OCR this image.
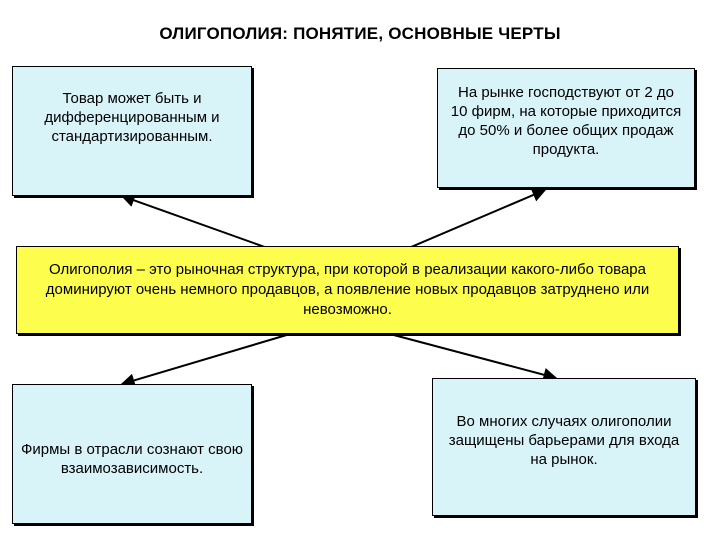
ОЛИГОПОЛИЯ: ПОНЯТИЕ, ОСНОВНЫЕ ЧЕРТЫ
Товар может быть и дифференцированным и стандартизированным.
На рынке господствуют от 2 до 10 фирм, на которые приходится до 50% и более общих продаж продукта.
Олигополия – это рыночная структура, при которой в реализации какого-либо товара доминируют очень немного продавцов, а появление новых продавцов затруднено или невозможно.
Фирмы в отрасли сознают свою взаимозависимость.
Во многих случаях олигополии защищены барьерами для входа на рынок.
